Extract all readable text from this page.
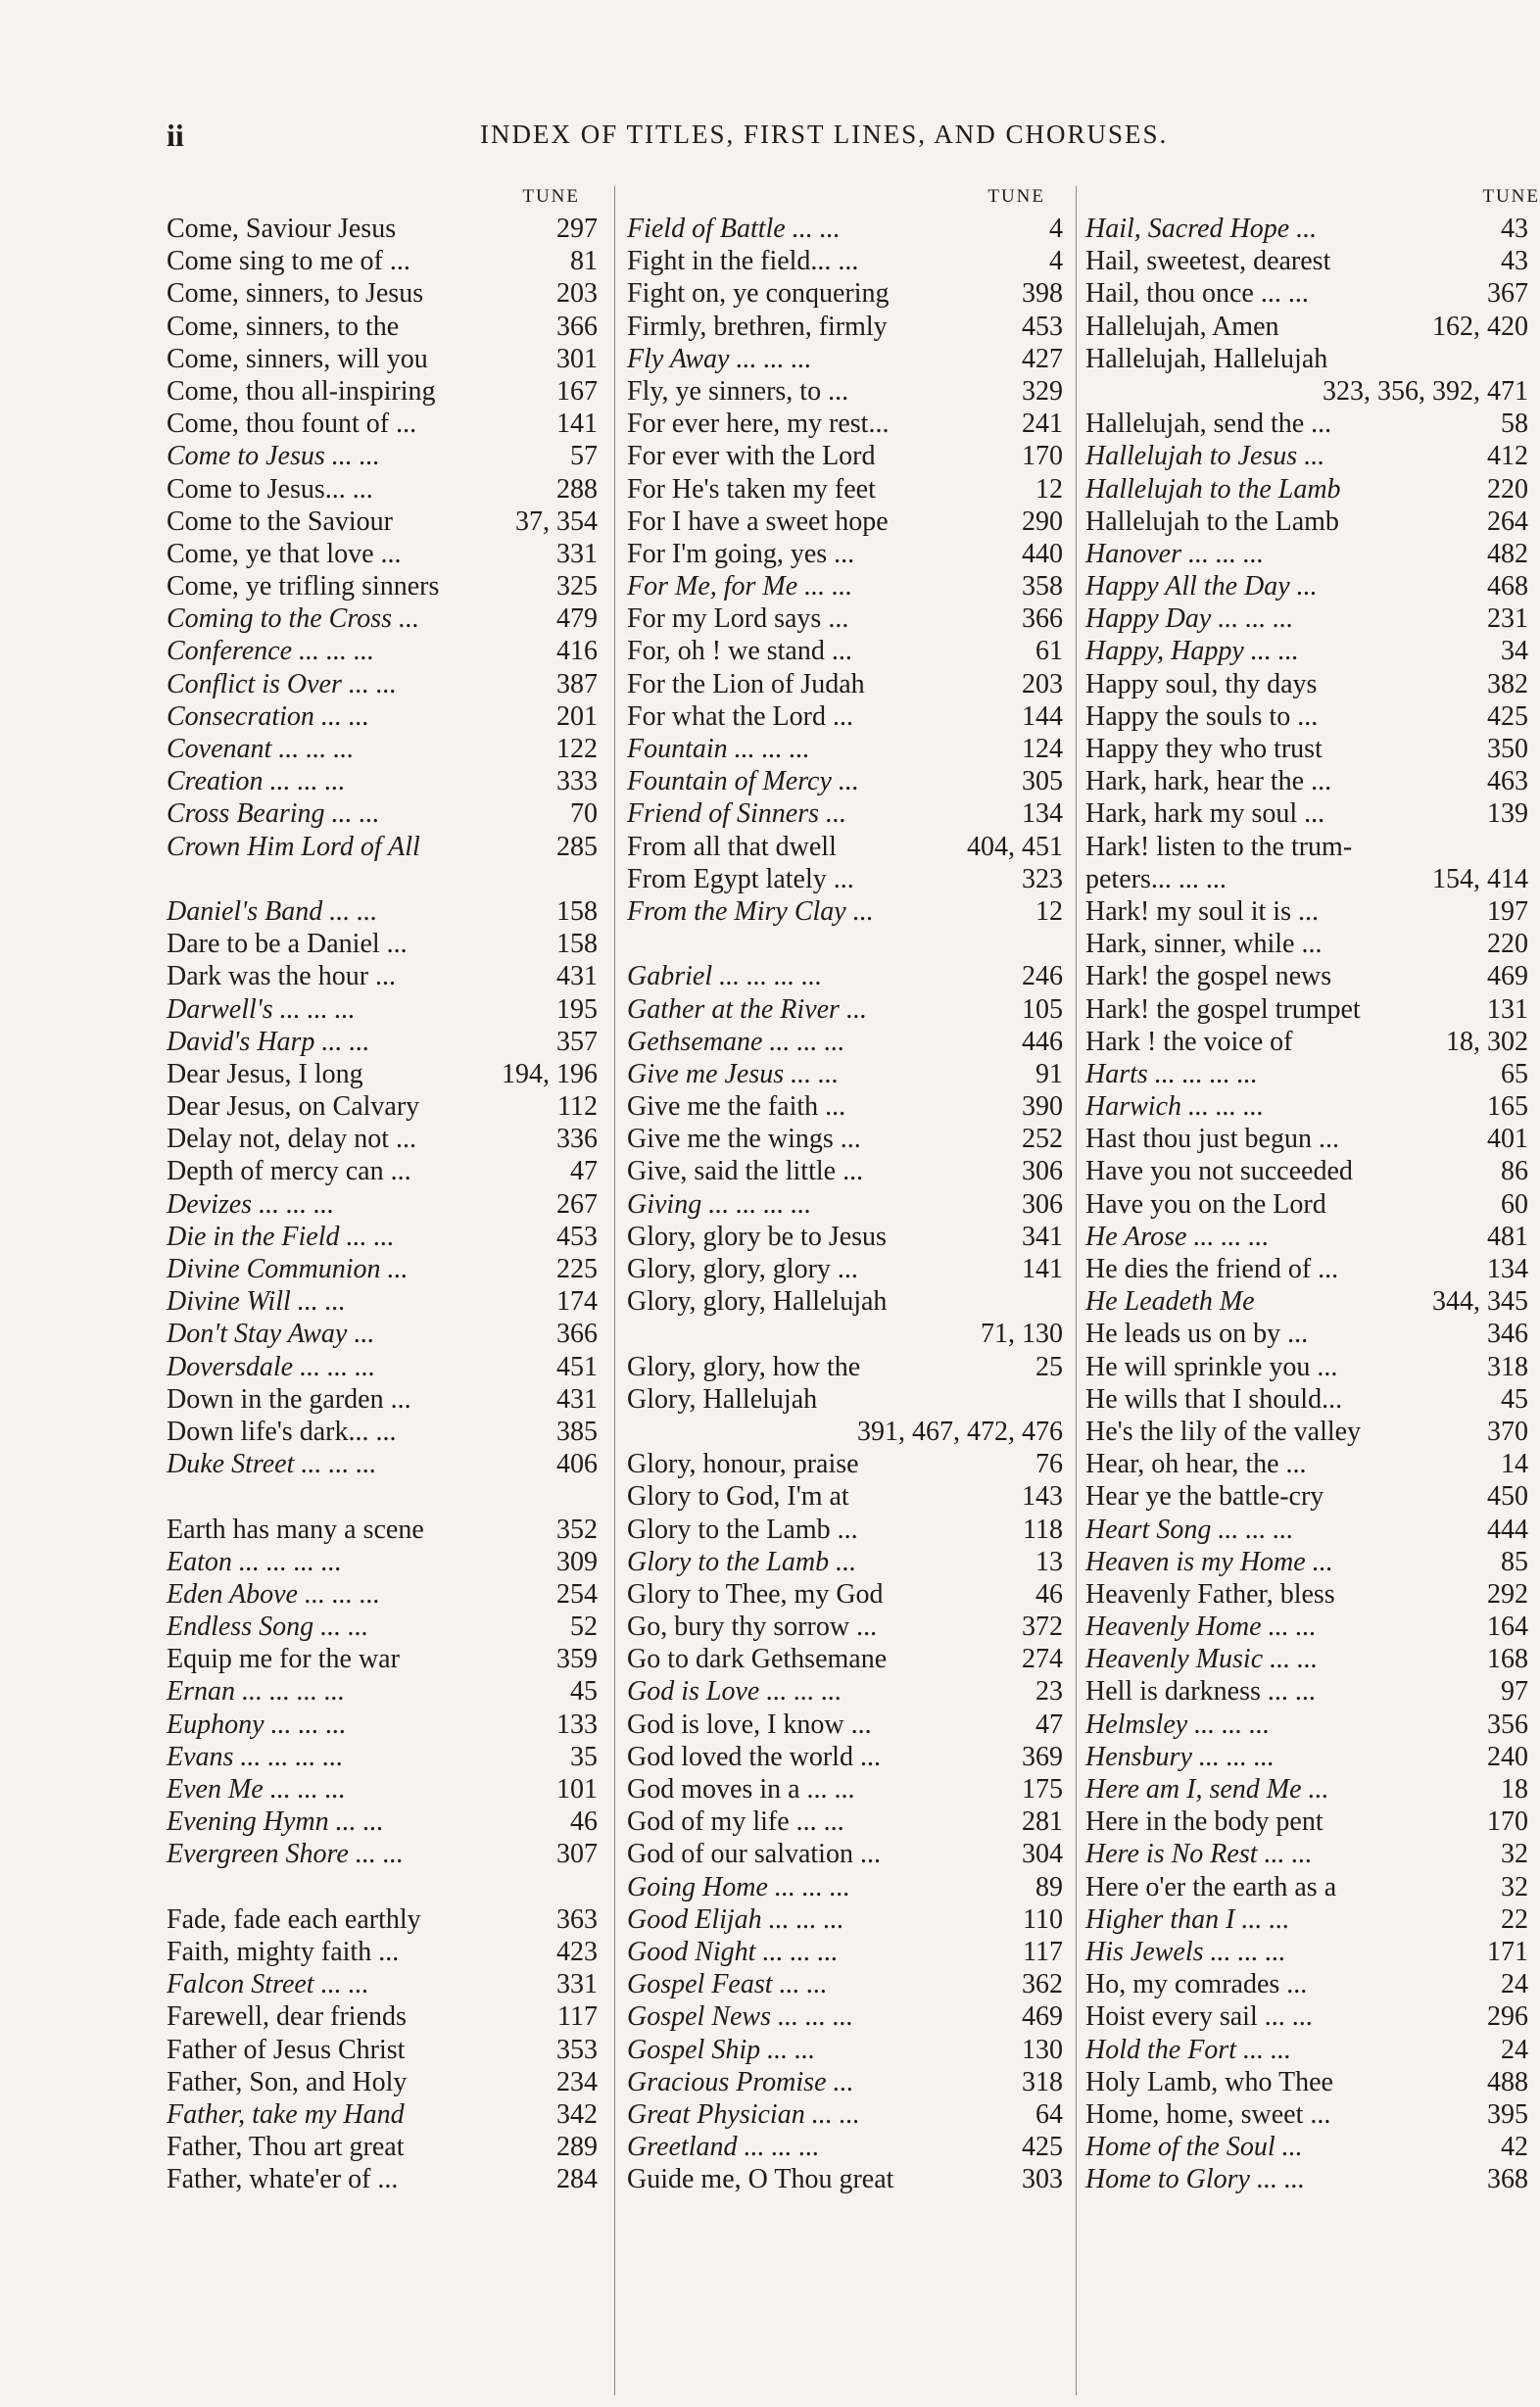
ii	INDEX OF TITLES, FIRST LINES, AND CHORUSES.
TUNE
Come, Saviour Jesus	297
Come sing to me of ...	81
Come, sinners, to Jesus	203
Come, sinners, to the	366
Come, sinners, will you	301
Come, thou all-inspiring	167
Come, thou fount of ...	141
Come to Jesus ... ...	57
Come to Jesus... ...	288
Come to the Saviour	37, 354
Come, ye that love ...	331
Come, ye trifling sinners	325
Coming to the Cross ...	479
Conference ... ... ...	416
Conflict is Over ... ...	387
Consecration ... ...	201
Covenant ... ... ...	122
Creation ... ... ...	333
Cross Bearing ... ...	70
Crown Him Lord of All	285
Daniel's Band ... ...	158
Dare to be a Daniel ...	158
Dark was the hour ...	431
Darwell's ... ... ...	195
David's Harp ... ...	357
Dear Jesus, I long	194, 196
Dear Jesus, on Calvary	112
Delay not, delay not ...	336
Depth of mercy can ...	47
Devizes ... ... ...	267
Die in the Field ... ...	453
Divine Communion ...	225
Divine Will ... ...	174
Don't Stay Away ...	366
Doversdale ... ... ...	451
Down in the garden ...	431
Down life's dark... ...	385
Duke Street ... ... ...	406
Earth has many a scene	352
Eaton ... ... ... ...	309
Eden Above ... ... ...	254
Endless Song ... ...	52
Equip me for the war	359
Ernan ... ... ... ...	45
Euphony ... ... ...	133
Evans ... ... ... ...	35
Even Me ... ... ...	101
Evening Hymn ... ...	46
Evergreen Shore ... ...	307
Fade, fade each earthly	363
Faith, mighty faith ...	423
Falcon Street ... ...	331
Farewell, dear friends	117
Father of Jesus Christ	353
Father, Son, and Holy	234
Father, take my Hand	342
Father, Thou art great	289
Father, whate'er of ...	284
TUNE
Field of Battle ... ...	4
Fight in the field... ...	4
Fight on, ye conquering	398
Firmly, brethren, firmly	453
Fly Away ... ... ...	427
Fly, ye sinners, to ...	329
For ever here, my rest...	241
For ever with the Lord	170
For He's taken my feet	12
For I have a sweet hope	290
For I'm going, yes ...	440
For Me, for Me ... ...	358
For my Lord says ...	366
For, oh ! we stand ...	61
For the Lion of Judah	203
For what the Lord ...	144
Fountain ... ... ...	124
Fountain of Mercy ...	305
Friend of Sinners ...	134
From all that dwell	404, 451
From Egypt lately ...	323
From the Miry Clay ...	12
Gabriel ... ... ... ...	246
Gather at the River ...	105
Gethsemane ... ... ...	446
Give me Jesus ... ...	91
Give me the faith ...	390
Give me the wings ...	252
Give, said the little ...	306
Giving ... ... ... ...	306
Glory, glory be to Jesus	341
Glory, glory, glory ...	141
Glory, glory, Hallelujah
71, 130
Glory, glory, how the	25
Glory, Hallelujah
391, 467, 472, 476
Glory, honour, praise	76
Glory to God, I'm at	143
Glory to the Lamb ...	118
Glory to the Lamb ...	13
Glory to Thee, my God	46
Go, bury thy sorrow ...	372
Go to dark Gethsemane	274
God is Love ... ... ...	23
God is love, I know ...	47
God loved the world ...	369
God moves in a ... ...	175
God of my life ... ...	281
God of our salvation ...	304
Going Home ... ... ...	89
Good Elijah ... ... ...	110
Good Night ... ... ...	117
Gospel Feast ... ...	362
Gospel News ... ... ...	469
Gospel Ship ... ...	130
Gracious Promise ...	318
Great Physician ... ...	64
Greetland ... ... ...	425
Guide me, O Thou great	303
TUNE
Hail, Sacred Hope ...	43
Hail, sweetest, dearest	43
Hail, thou once ... ...	367
Hallelujah, Amen	162, 420
Hallelujah, Hallelujah
323, 356, 392, 471
Hallelujah, send the ...	58
Hallelujah to Jesus ...	412
Hallelujah to the Lamb	220
Hallelujah to the Lamb	264
Hanover ... ... ...	482
Happy All the Day ...	468
Happy Day ... ... ...	231
Happy, Happy ... ...	34
Happy soul, thy days	382
Happy the souls to ...	425
Happy they who trust	350
Hark, hark, hear the ...	463
Hark, hark my soul ...	139
Hark! listen to the trum-
peters... ... ...	154, 414
Hark! my soul it is ...	197
Hark, sinner, while ...	220
Hark! the gospel news	469
Hark! the gospel trumpet	131
Hark ! the voice of	18, 302
Harts ... ... ... ...	65
Harwich ... ... ...	165
Hast thou just begun ...	401
Have you not succeeded	86
Have you on the Lord	60
He Arose ... ... ...	481
He dies the friend of ...	134
He Leadeth Me	344, 345
He leads us on by ...	346
He will sprinkle you ...	318
He wills that I should...	45
He's the lily of the valley	370
Hear, oh hear, the ...	14
Hear ye the battle-cry	450
Heart Song ... ... ...	444
Heaven is my Home ...	85
Heavenly Father, bless	292
Heavenly Home ... ...	164
Heavenly Music ... ...	168
Hell is darkness ... ...	97
Helmsley ... ... ...	356
Hensbury ... ... ...	240
Here am I, send Me ...	18
Here in the body pent	170
Here is No Rest ... ...	32
Here o'er the earth as a	32
Higher than I ... ...	22
His Jewels ... ... ...	171
Ho, my comrades ...	24
Hoist every sail ... ...	296
Hold the Fort ... ...	24
Holy Lamb, who Thee	488
Home, home, sweet ...	395
Home of the Soul ...	42
Home to Glory ... ...	368
